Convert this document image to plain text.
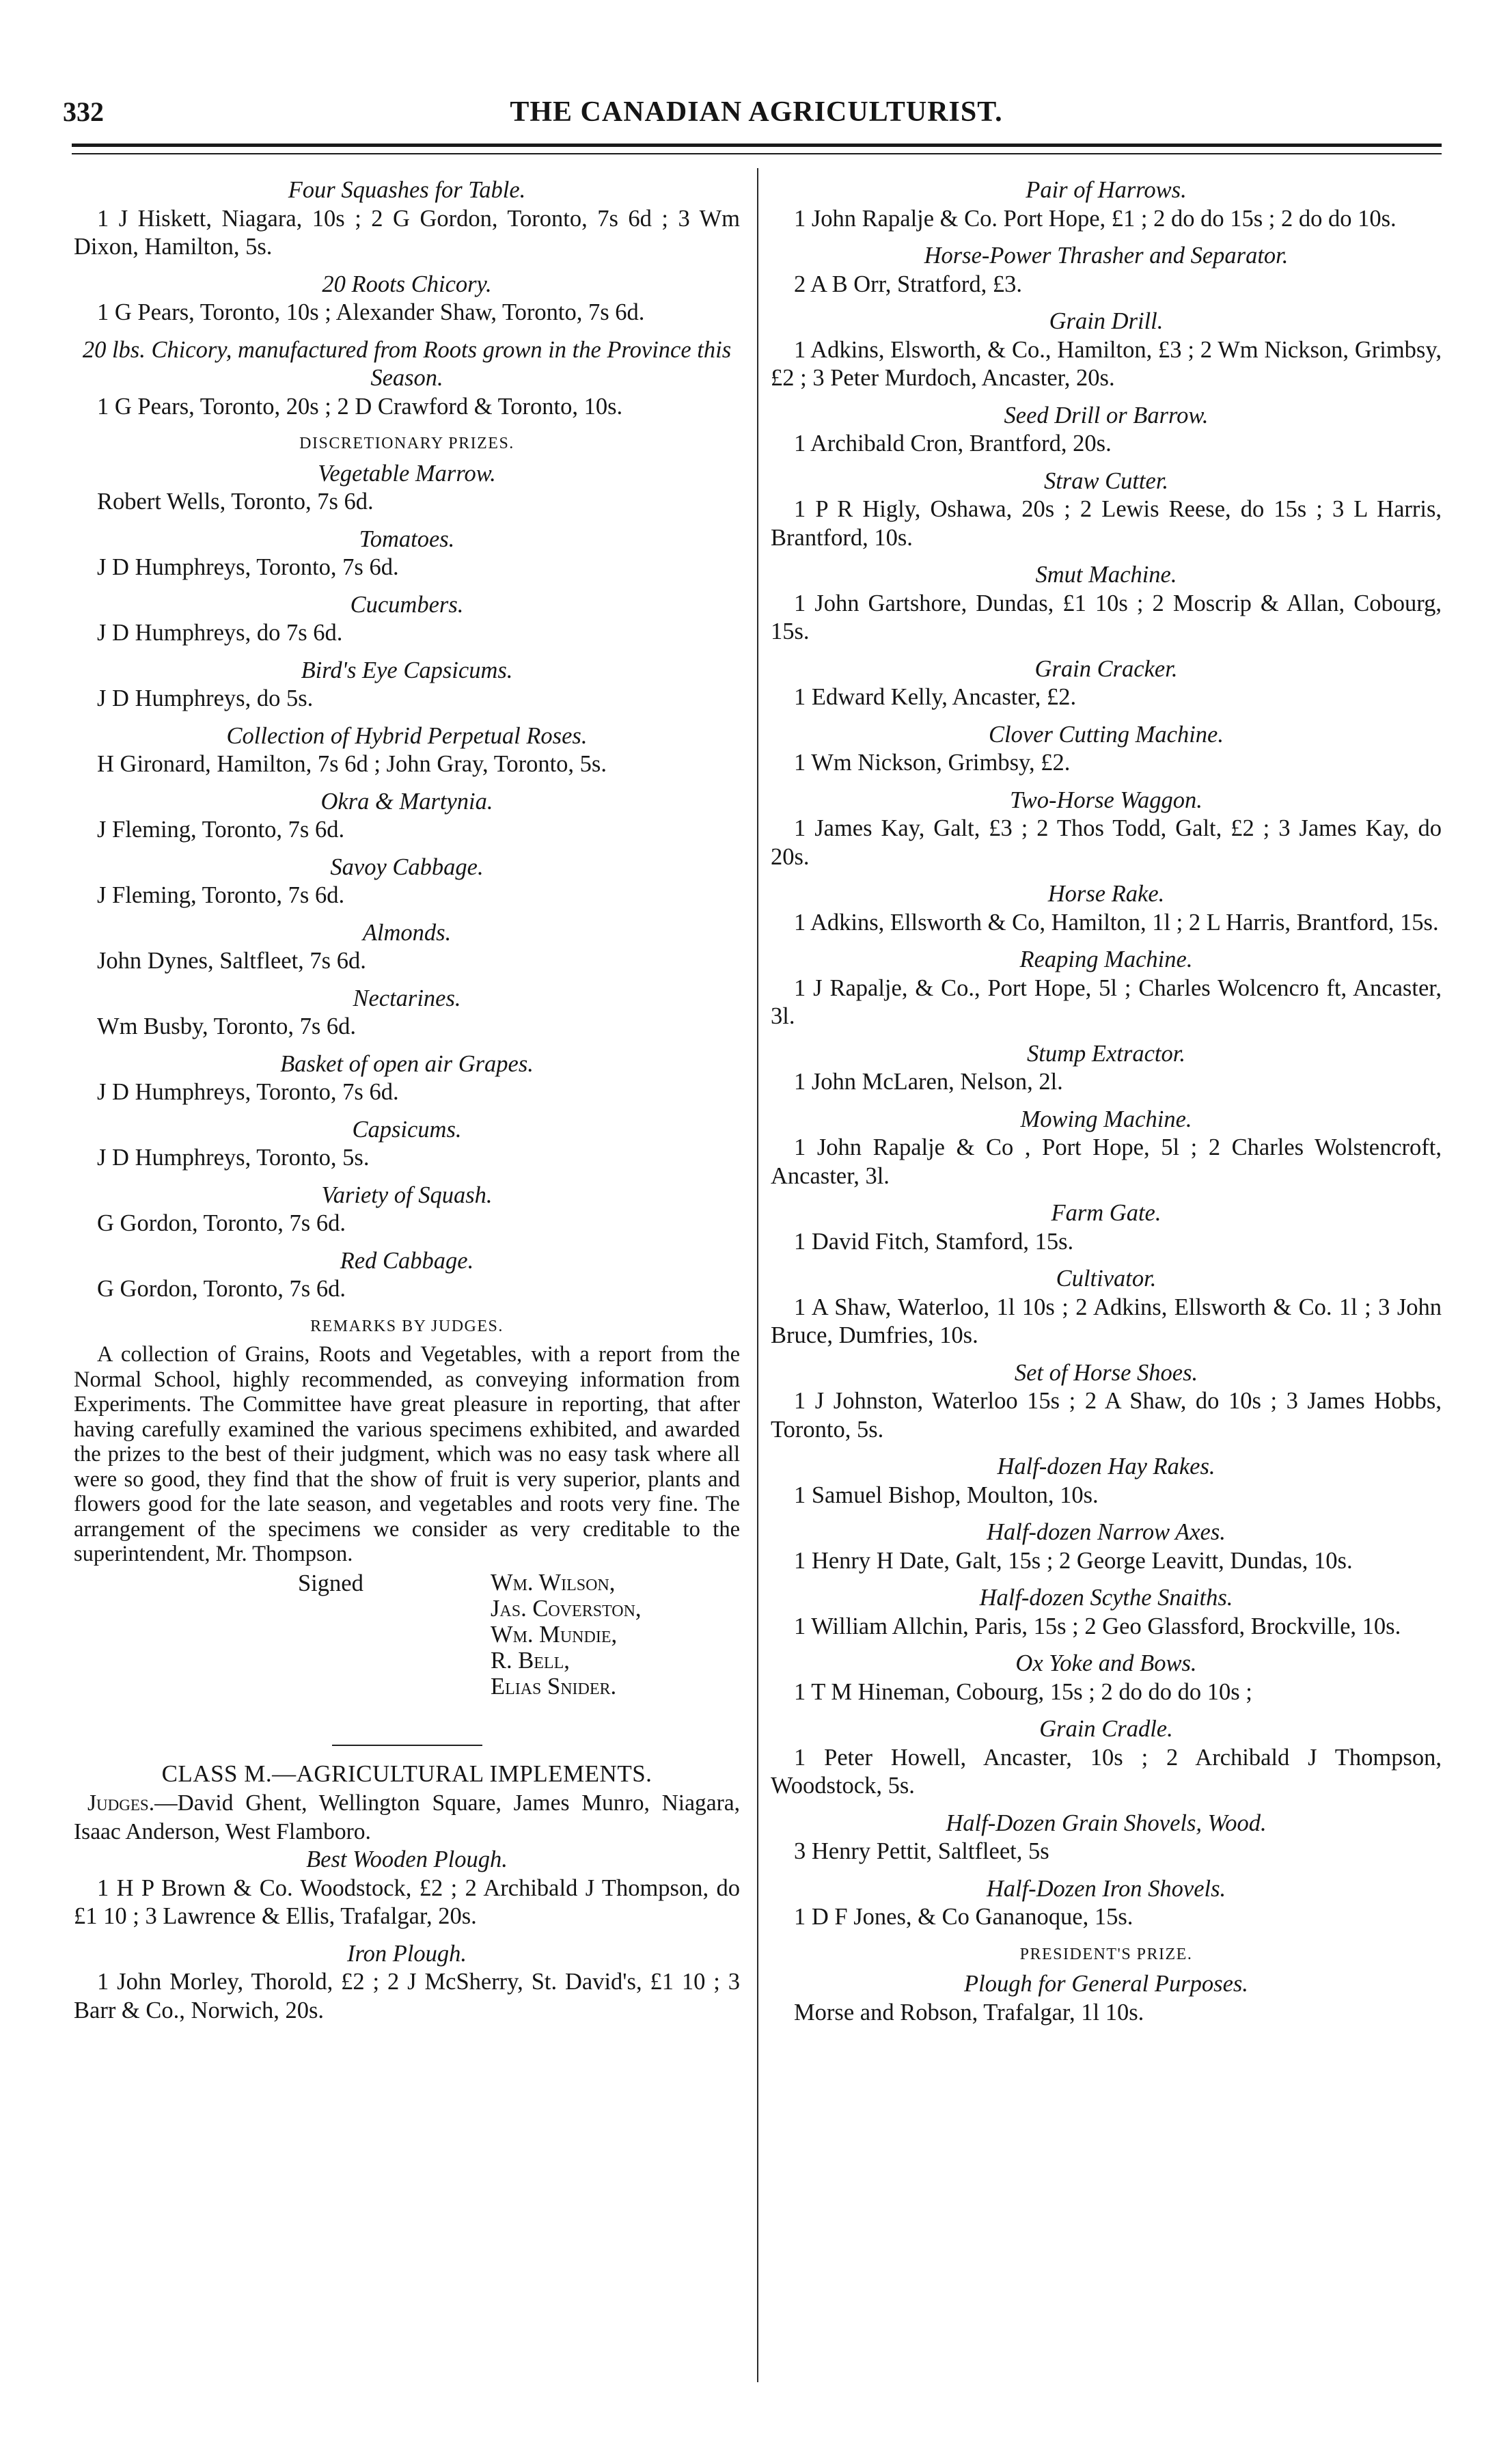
332	THE CANADIAN AGRICULTURIST.

Four Squashes for Table.

1 J Hiskett, Niagara, 10s ; 2 G Gordon, Toronto, 7s 6d ; 3 Wm Dixon, Hamilton, 5s.

20 Roots Chicory.

1 G Pears, Toronto, 10s ; Alexander Shaw, Toronto, 7s 6d.

20 lbs. Chicory, manufactured from Roots grown in the Province this Season.

1 G Pears, Toronto, 20s ; 2 D Crawford & Toronto, 10s.

DISCRETIONARY PRIZES.

Vegetable Marrow.

Robert Wells, Toronto, 7s 6d.

Tomatoes.

J D Humphreys, Toronto, 7s 6d.

Cucumbers.

J D Humphreys, do 7s 6d.

Bird's Eye Capsicums.

J D Humphreys, do 5s.

Collection of Hybrid Perpetual Roses.

H Gironard, Hamilton, 7s 6d ; John Gray, Toronto, 5s.

Okra & Martynia.

J Fleming, Toronto, 7s 6d.

Savoy Cabbage.

J Fleming, Toronto, 7s 6d.

Almonds.

John Dynes, Saltfleet, 7s 6d.

Nectarines.

Wm Busby, Toronto, 7s 6d.

Basket of open air Grapes.

J D Humphreys, Toronto, 7s 6d.

Capsicums.

J D Humphreys, Toronto, 5s.

Variety of Squash.

G Gordon, Toronto, 7s 6d.

Red Cabbage.

G Gordon, Toronto, 7s 6d.

REMARKS BY JUDGES.

A collection of Grains, Roots and Vegetables, with a report from the Normal School, highly recommended, as conveying information from Experiments. The Committee have great pleasure in reporting, that after having carefully examined the various specimens exhibited, and awarded the prizes to the best of their judgment, which was no easy task where all were so good, they find that the show of fruit is very superior, plants and flowers good for the late season, and vegetables and roots very fine. The arrangement of the specimens we consider as very creditable to the superintendent, Mr. Thompson.

Signed	Wm. Wilson,
Jas. Coverston,
Wm. Mundie,
R. Bell,
Elias Snider.

CLASS M.—AGRICULTURAL IMPLEMENTS.

Judges.—David Ghent, Wellington Square, James Munro, Niagara, Isaac Anderson, West Flamboro.

Best Wooden Plough.

1 H P Brown & Co. Woodstock, £2 ; 2 Archibald J Thompson, do £1 10 ; 3 Lawrence & Ellis, Trafalgar, 20s.

Iron Plough.

1 John Morley, Thorold, £2 ; 2 J McSherry, St. David's, £1 10 ; 3 Barr & Co., Norwich, 20s.

Pair of Harrows.

1 John Rapalje & Co. Port Hope, £1 ; 2 do do 15s ; 2 do do 10s.

Horse-Power Thrasher and Separator.

2 A B Orr, Stratford, £3.

Grain Drill.

1 Adkins, Elsworth, & Co., Hamilton, £3 ; 2 Wm Nickson, Grimbsy, £2 ; 3 Peter Murdoch, Ancaster, 20s.

Seed Drill or Barrow.

1 Archibald Cron, Brantford, 20s.

Straw Cutter.

1 P R Higly, Oshawa, 20s ; 2 Lewis Reese, do 15s ; 3 L Harris, Brantford, 10s.

Smut Machine.

1 John Gartshore, Dundas, £1 10s ; 2 Moscrip & Allan, Cobourg, 15s.

Grain Cracker.

1 Edward Kelly, Ancaster, £2.

Clover Cutting Machine.

1 Wm Nickson, Grimbsy, £2.

Two-Horse Waggon.

1 James Kay, Galt, £3 ; 2 Thos Todd, Galt, £2 ; 3 James Kay, do 20s.

Horse Rake.

1 Adkins, Ellsworth & Co, Hamilton, 1l ; 2 L Harris, Brantford, 15s.

Reaping Machine.

1 J Rapalje, & Co., Port Hope, 5l ; Charles Wolcencro ft, Ancaster, 3l.

Stump Extractor.

1 John McLaren, Nelson, 2l.

Mowing Machine.

1 John Rapalje & Co , Port Hope, 5l ; 2 Charles Wolstencroft, Ancaster, 3l.

Farm Gate.

1 David Fitch, Stamford, 15s.

Cultivator.

1 A Shaw, Waterloo, 1l 10s ; 2 Adkins, Ellsworth & Co. 1l ; 3 John Bruce, Dumfries, 10s.

Set of Horse Shoes.

1 J Johnston, Waterloo 15s ; 2 A Shaw, do 10s ; 3 James Hobbs, Toronto, 5s.

Half-dozen Hay Rakes.

1 Samuel Bishop, Moulton, 10s.

Half-dozen Narrow Axes.

1 Henry H Date, Galt, 15s ; 2 George Leavitt, Dundas, 10s.

Half-dozen Scythe Snaiths.

1 William Allchin, Paris, 15s ; 2 Geo Glassford, Brockville, 10s.

Ox Yoke and Bows.

1 T M Hineman, Cobourg, 15s ; 2 do do do 10s ;

Grain Cradle.

1 Peter Howell, Ancaster, 10s ; 2 Archibald J Thompson, Woodstock, 5s.

Half-Dozen Grain Shovels, Wood.

3 Henry Pettit, Saltfleet, 5s

Half-Dozen Iron Shovels.

1 D F Jones, & Co Gananoque, 15s.

PRESIDENT'S PRIZE.

Plough for General Purposes.

Morse and Robson, Trafalgar, 1l 10s.
